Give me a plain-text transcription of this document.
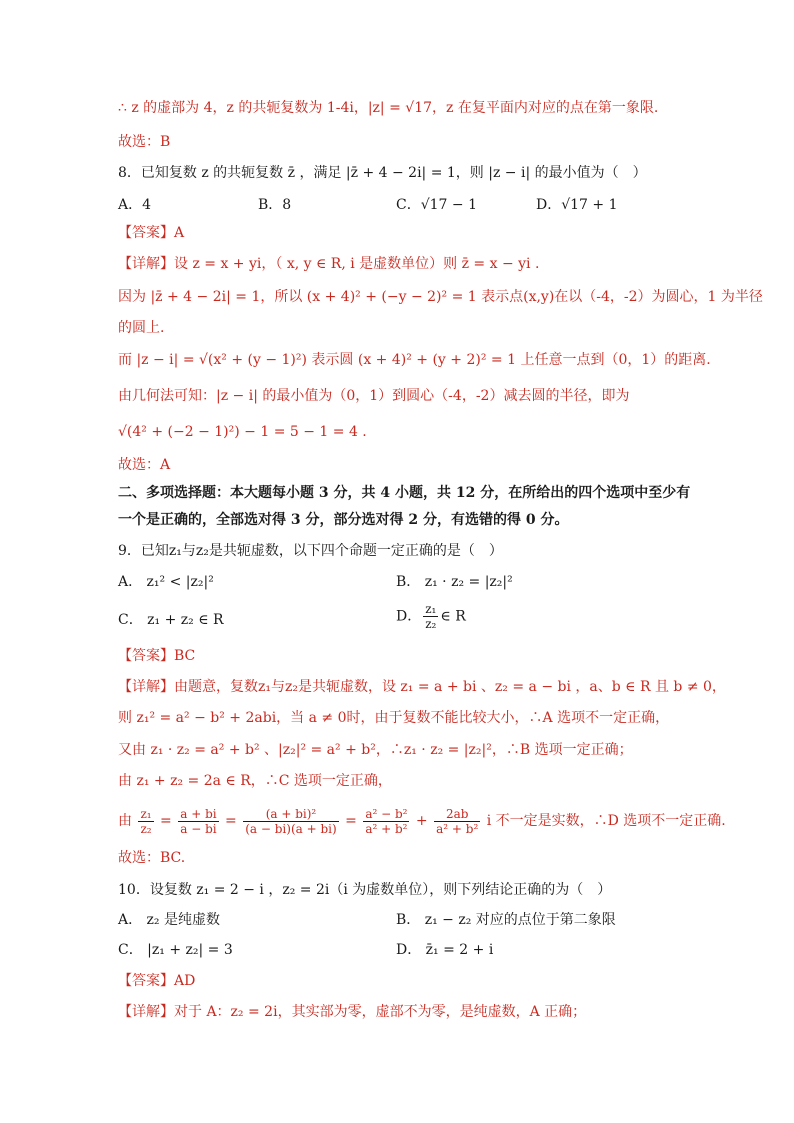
∴ z 的虚部为 4，z 的共轭复数为 1-4i，|z| = √17，z 在复平面内对应的点在第一象限.
故选：B
8．已知复数 z 的共轭复数 z̄ ，满足 |z̄ + 4 − 2i| = 1，则 |z − i| 的最小值为（　）
A．4	B．8	C．√17 − 1	D．√17 + 1
【答案】A
【详解】设 z = x + yi，（ x, y ∈ R, i 是虚数单位）则 z̄ = x − yi .
因为 |z̄ + 4 − 2i| = 1，所以 (x + 4)² + (−y − 2)² = 1 表示点(x,y)在以（-4，-2）为圆心，1 为半径
的圆上.
而 |z − i| = √(x² + (y − 1)²) 表示圆 (x + 4)² + (y + 2)² = 1 上任意一点到（0，1）的距离.
由几何法可知：|z − i| 的最小值为（0，1）到圆心（-4，-2）减去圆的半径，即为
√(4² + (−2 − 1)²) − 1 = 5 − 1 = 4 .
故选：A
二、多项选择题：本大题每小题 3 分，共 4 小题，共 12 分，在所给出的四个选项中至少有
一个是正确的，全部选对得 3 分，部分选对得 2 分，有选错的得 0 分。
9．已知z₁与z₂是共轭虚数，以下四个命题一定正确的是（　）
A． z₁² < |z₂|²	B． z₁ · z₂ = |z₂|²
C． z₁ + z₂ ∈ R	D． $\frac{\text{z₁}}{\text{z₂}}$ ∈ R
【答案】BC
【详解】由题意，复数z₁与z₂是共轭虚数，设 z₁ = a + bi 、z₂ = a − bi ，a、b ∈ R 且 b ≠ 0，
则 z₁² = a² − b² + 2abi，当 a ≠ 0时，由于复数不能比较大小，∴A 选项不一定正确，
又由 z₁ · z₂ = a² + b² 、|z₂|² = a² + b²，∴z₁ · z₂ = |z₂|²，∴B 选项一定正确；
由 z₁ + z₂ = 2a ∈ R，∴C 选项一定正确，
由 $\frac{\text{z₁}}{\text{z₂}} = \frac{a + bi}{a - bi} = \frac{\text{(a + bi)²}}{(a - bi)(a + bi)} = \frac{\text{a² − b²}}{\text{a² + b²}} + \frac{2ab}{\text{a² + b²}}$ i 不一定是实数，∴D 选项不一定正确.
故选：BC.
10．设复数 z₁ = 2 − i ，z₂ = 2i（i 为虚数单位），则下列结论正确的为（　）
A． z₂ 是纯虚数	B． z₁ − z₂ 对应的点位于第二象限
C． |z₁ + z₂| = 3	D． z̄₁ = 2 + i
【答案】AD
【详解】对于 A：z₂ = 2i，其实部为零，虚部不为零，是纯虚数，A 正确；
